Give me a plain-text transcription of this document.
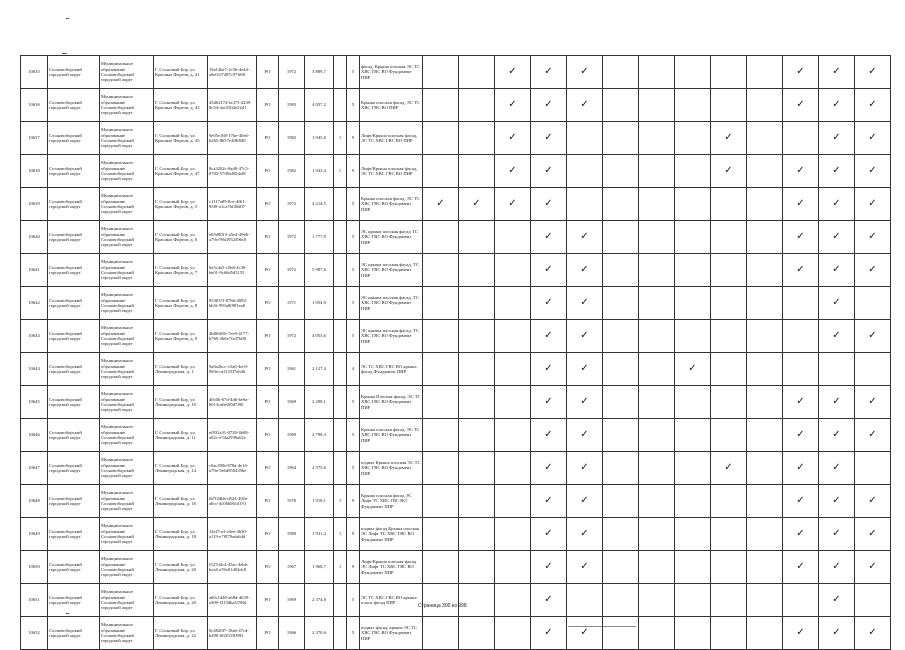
10635	Сосновоборский городской округ	Муниципальное образование Сосновоборский городской округ	Г. Сосновый Бор, ул. Красных Фортов, д. 41	19a14be7-2c5b-4e4d-a8e0-07487c97ff68	РО	1972	3 889,7		5	фасад, Крыша плоская ЭС ТС ХВС ГВС ВО Фундамент ПИР			✓	✓	✓						✓	✓	✓
10636	Сосновоборский городской округ	Муниципальное образование Сосновоборский городской округ	Г. Сосновый Бор, ул. Красных Фортов, д. 43	45d62174-fa375-4239-8c54-4ac5504e52d1	РО	1983	4 057,2		5	Крыша плоская фасад, ЭС ТС ХВС ГВС ВО ПИР			✓	✓	✓						✓	✓	✓
10637	Сосновоборский городской округ	Муниципальное образование Сосновоборский городской округ	Г. Сосновый Бор, ул. Красных Фортов, д. 45	9e05e168-17be-40eb-b265-8657e4f8f840	РО	1982	1 945,8	1	9	Лифт/Крыша плоская фасад, ЭС ТС ХВС ГВС ВО ПИР			✓	✓					✓			✓	✓
10638	Сосновоборский городской округ	Муниципальное образование Сосновоборский городской округ	Г. Сосновый Бор, ул. Красных Фортов, д. 47	8ca3202c-8ad9-47c5-8705-57f06d05daf8	РО	1982	1 943,4	1	9	Лифт/Крыша плоская фасад, ЭС ТС ХВС ГВС ВО ПИР			✓	✓					✓		✓	✓	✓
10639	Сосновоборский городской округ	Муниципальное образование Сосновоборский городской округ	Г. Сосновый Бор, ул. Красных Фортов, д. 5	c1117a89-8ce-4f61-9f38-a1ca76f40d07	РО	1972	4 214,5		5	Крыша плоская фасад, ЭС ТС ХВС ГВС ВО Фундамент ПИР	✓	✓	✓	✓							✓	✓	✓
10640	Сосновоборский городской округ	Муниципальное образование Сосновоборский городской округ	Г. Сосновый Бор, ул. Красных Фортов, д. 6	e05d9015-a5e4-4966-a79a-99a3952496c0	РО	1972	1 777,9		5	ЭС крыша плоская фасад ТС ХВС ГВС ВО Фундамент ПИР				✓	✓						✓	✓	✓
10641	Сосновоборский городской округ	Муниципальное образование Сосновоборский городской округ	Г. Сосновый Бор, ул. Красных Фортов, д. 7	6e5c4a5-c5b6-4c30-be01-9c66d5d5155	РО	1972	5 987,6		5	ЭС крыша плоская фасад, ТС ХВС ГВС ВО Фундамент ПИР				✓	✓						✓	✓	✓
10642	Сосновоборский городской округ	Муниципальное образование Сосновоборский городской округ	Г. Сосновый Бор, ул. Красных Фортов, д. 8	853037f-8766-4892-bb5f-993a8f981ea8	РО	1971	1 054,9		5	ЭС крыша плоская фасад, ТС ХВС ГВС ВО Фундамент ПИР				✓	✓							✓	
10643	Сосновоборский городской округ	Муниципальное образование Сосновоборский городской округ	Г. Сосновый Бор, ул. Красных Фортов, д. 9	4b8f6656-7ee9-4177-b769-2b6e7fe47b00	РО	1972	4 053,6		5	ЭС крыша плоская фасад, ТС ХВС ГВС ВО Фундамент ПИР				✓	✓							✓	✓
10644	Сосновоборский городской округ	Муниципальное образование Сосновоборский городской округ	Г. Сосновый Бор, ул. Ленинградская, д. 1	9a8a2bcc-c5a6-4ec0-9e0a-ca3153f7eb46	РО	1961	2 127,4		4	ЭС ТС ХВС ГВС ВО крыша фасад Фундамент ПИР				✓	✓			✓					
10645	Сосновоборский городской округ	Муниципальное образование Сосновоборский городской округ	Г. Сосновый Бор, ул. Ленинградская, д. 10	40c0b-67d-4d6-be9a-6013ca6e0f9d7f90	РО	1969	2 298,1		5	Крыша Плоская фасад, ЭС ТС ХВС ГВС ВО Фундамент ПИР				✓	✓						✓	✓	✓
10646	Сосновоборский городской округ	Муниципальное образование Сосновоборский городской округ	Г. Сосновый Бор, ул. Ленинградская, д. 11	ef931a31-0728-4b08-a02c-e7da2599a62e	РО	1969	2 798,3		5	Крыша плоская фасад, ЭС ТС ХВС ГВС ВО Фундамент ПИР				✓	✓						✓	✓	✓
10647	Сосновоборский городской округ	Муниципальное образование Сосновоборский городской округ	Г. Сосновый Бор, ул. Ленинградская, д. 14	c0acf58b-878a-4e16-a79a-5e6d950435be	РО	1964	2 575,6		5	подвал Крыша плоская ЭС ТС ХВС ГВС ВО Фундамент ПИР				✓	✓				✓		✓	✓	
10648	Сосновоборский городской округ	Муниципальное образование Сосновоборский городской округ	Г. Сосновый Бор, ул. Ленинградская, д. 16	fb7f2dbb-d524-492e-a6cc-4c06b061d191	РО	1978	1 918,1	1	9	Крыша плоская фасад ЭС Лифт ТС ХВС ГВС ВО Фундамент ПИР				✓	✓						✓	✓	✓
10649	Сосновоборский городской округ	Муниципальное образование Сосновоборский городской округ	Г. Сосновый Бор, ул. Ленинградская, д. 18	14ef7cef-c0ee-4630-a119-e7f879adab4d	РО	1989	1 931,2	1	9	подвал фасад Крыша плоская ЭС Лифт ТС ХВС ГВС ВО Фундамент ПИР				✓	✓						✓	✓	✓
10650	Сосновоборский городской округ	Муниципальное образование Сосновоборский городской округ	Г. Сосновый Бор, ул. Ленинградская, д. 20	f527d4c4-45ac-4ebb-bca4-a76e01d02dc8	РО	1967	1 968,7	1	9	Лифт/Крыша плоская фасад ЭС Лифт ТС ХВС ГВС ВО Фундамент ПИР				✓	✓						✓	✓	✓
10651	Сосновоборский городской округ	Муниципальное образование Сосновоборский городской округ	Г. Сосновый Бор, ул. Ленинградская, д. 20	a60c1d40-a68d-4639-a309-f315dba5198d	РО	1969	2 374,8		5	ЭС ТС ХВС ГВС ВО крыша плоск фасад ПИР				✓								✓	
10652	Сосновоборский городской округ	Муниципальное образование Сосновоборский городской округ	Г. Сосновый Бор, ул. Ленинградская, д. 22	0c4820f7-18ab-47cd-b490-0f2f5330993	РО	1966	2 370,6		5	подвал фасад, крыша ЭС ТС ХВС ГВС ВО Фундамент ПИР				✓	✓						✓	✓	✓
Страница 300 из 998
